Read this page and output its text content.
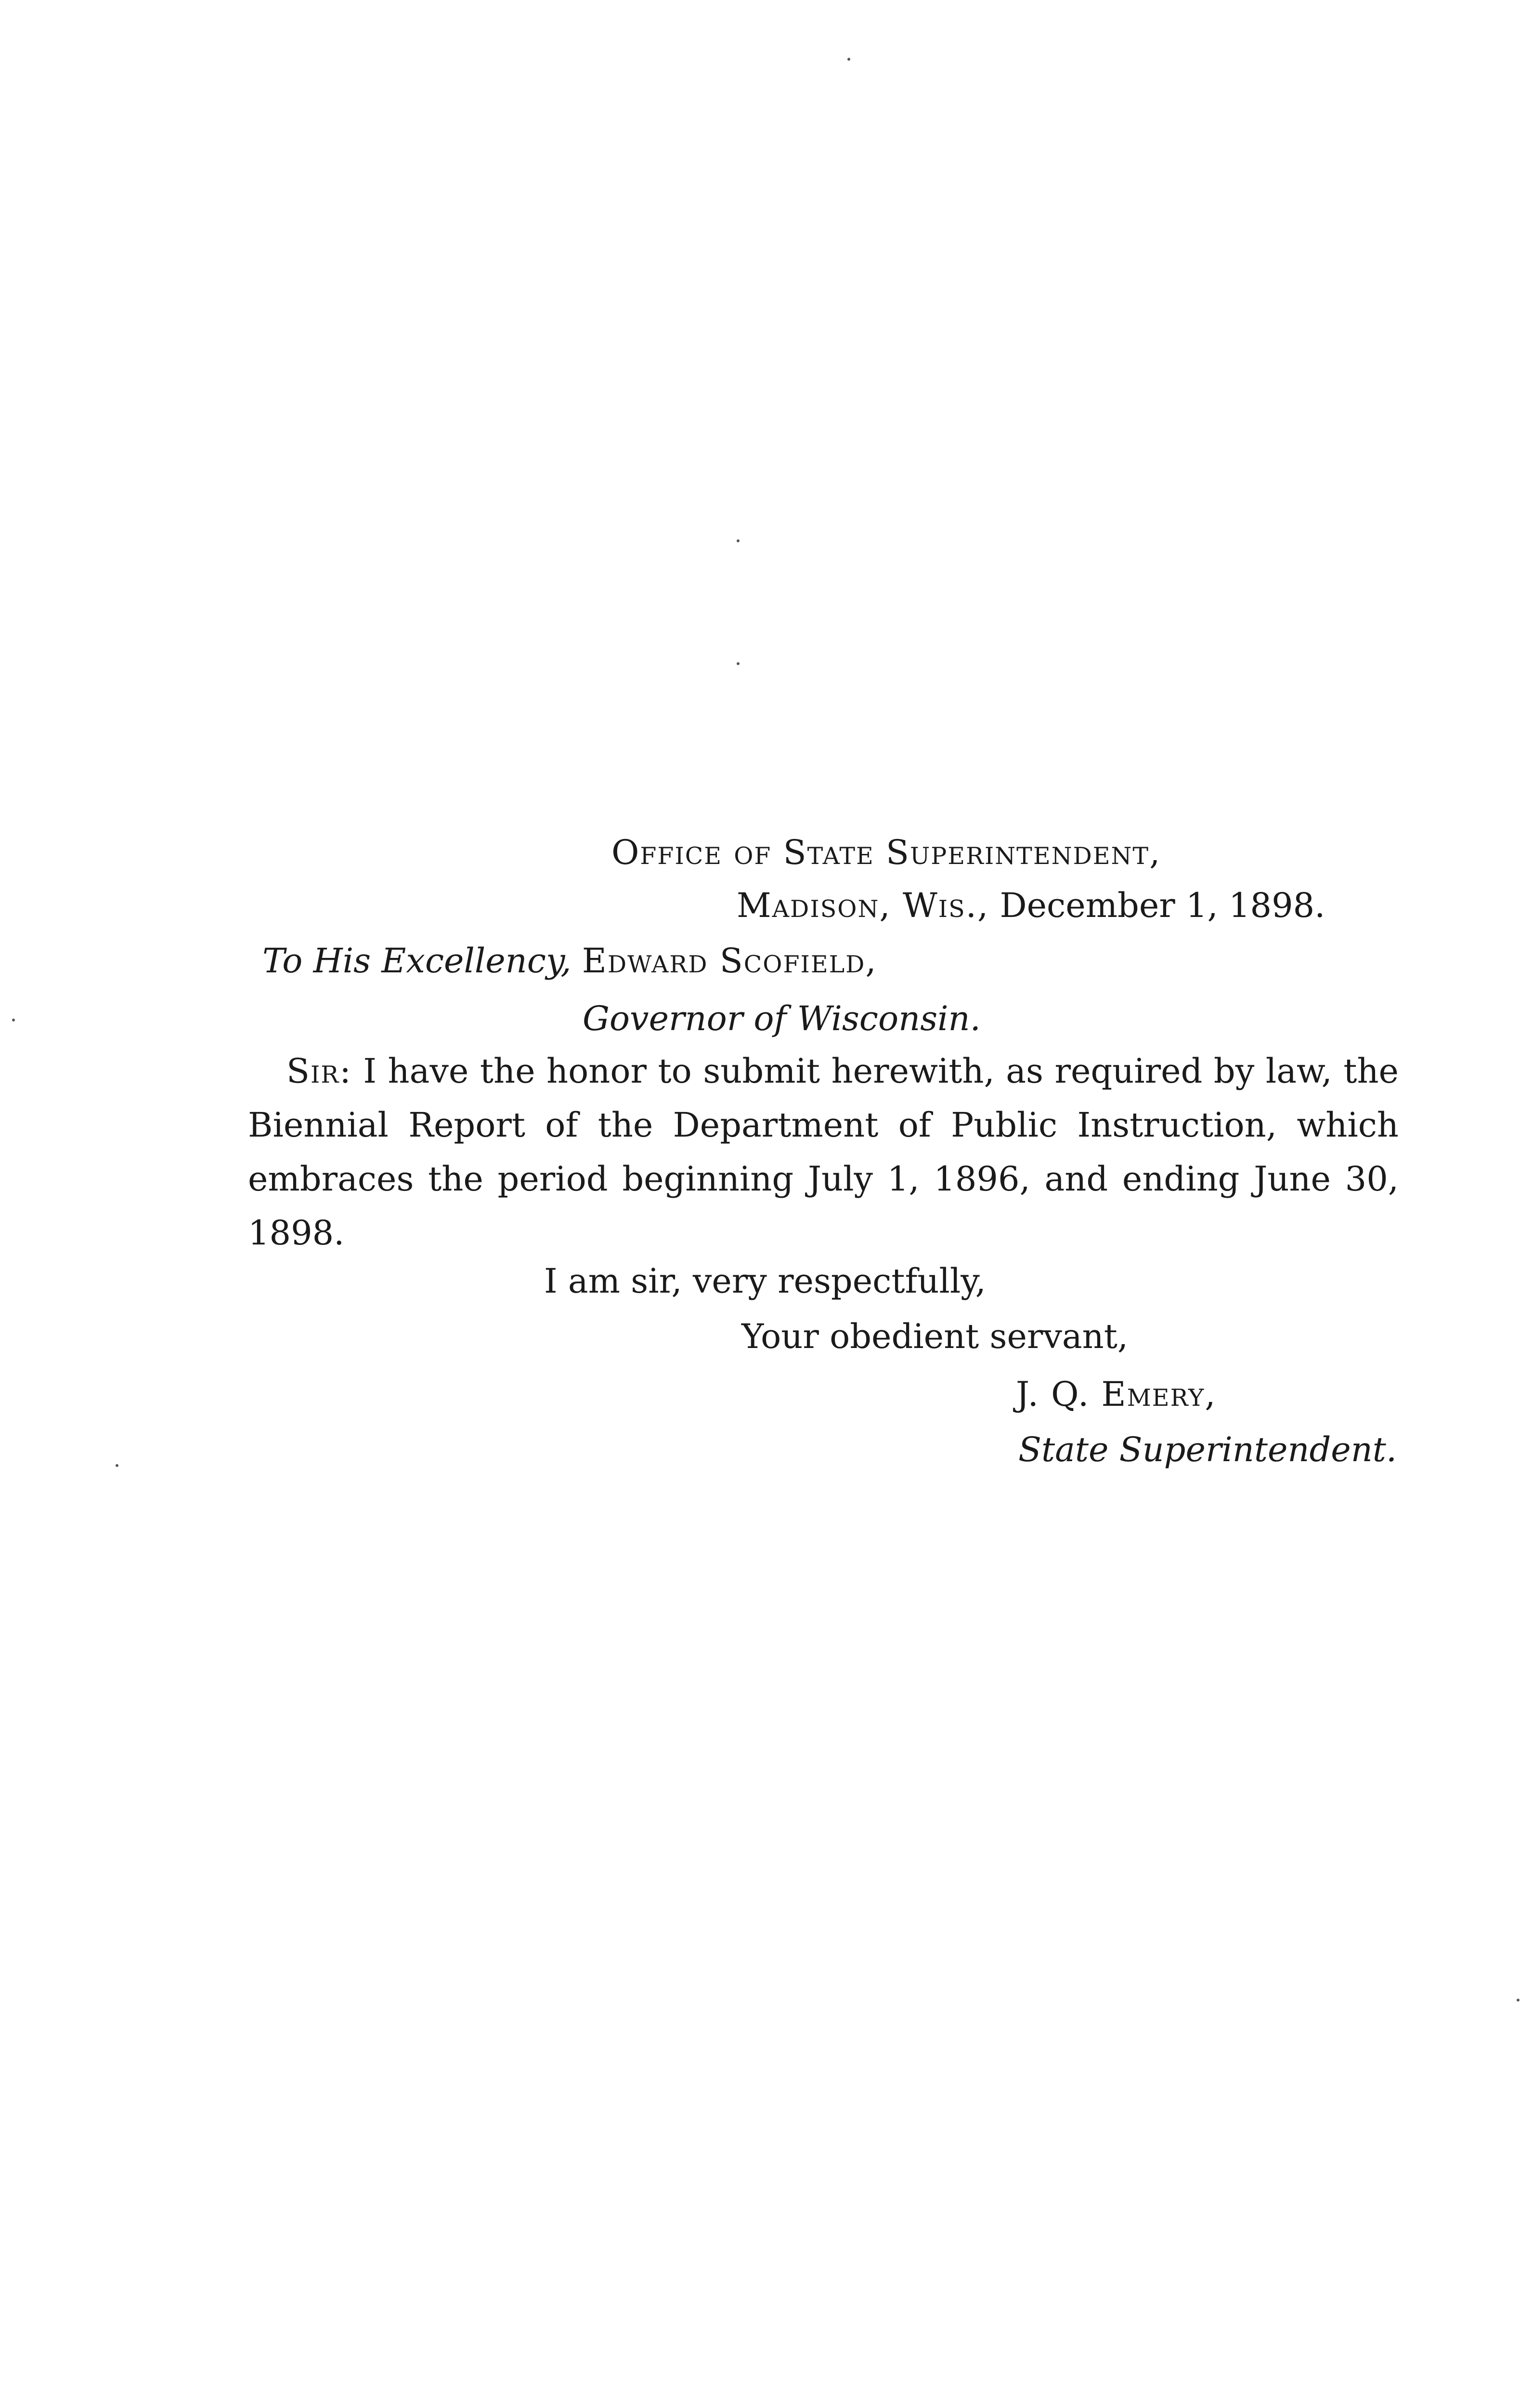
Office of State Superintendent,
Madison, Wis., December 1, 1898.
To His Excellency, Edward Scofield,
Governor of Wisconsin.
Sir: I have the honor to submit herewith, as required by law, the Biennial Report of the Department of Public Instruction, which embraces the period beginning July 1, 1896, and ending June 30, 1898.
I am sir, very respectfully,
Your obedient servant,
J. Q. Emery,
State Superintendent.
